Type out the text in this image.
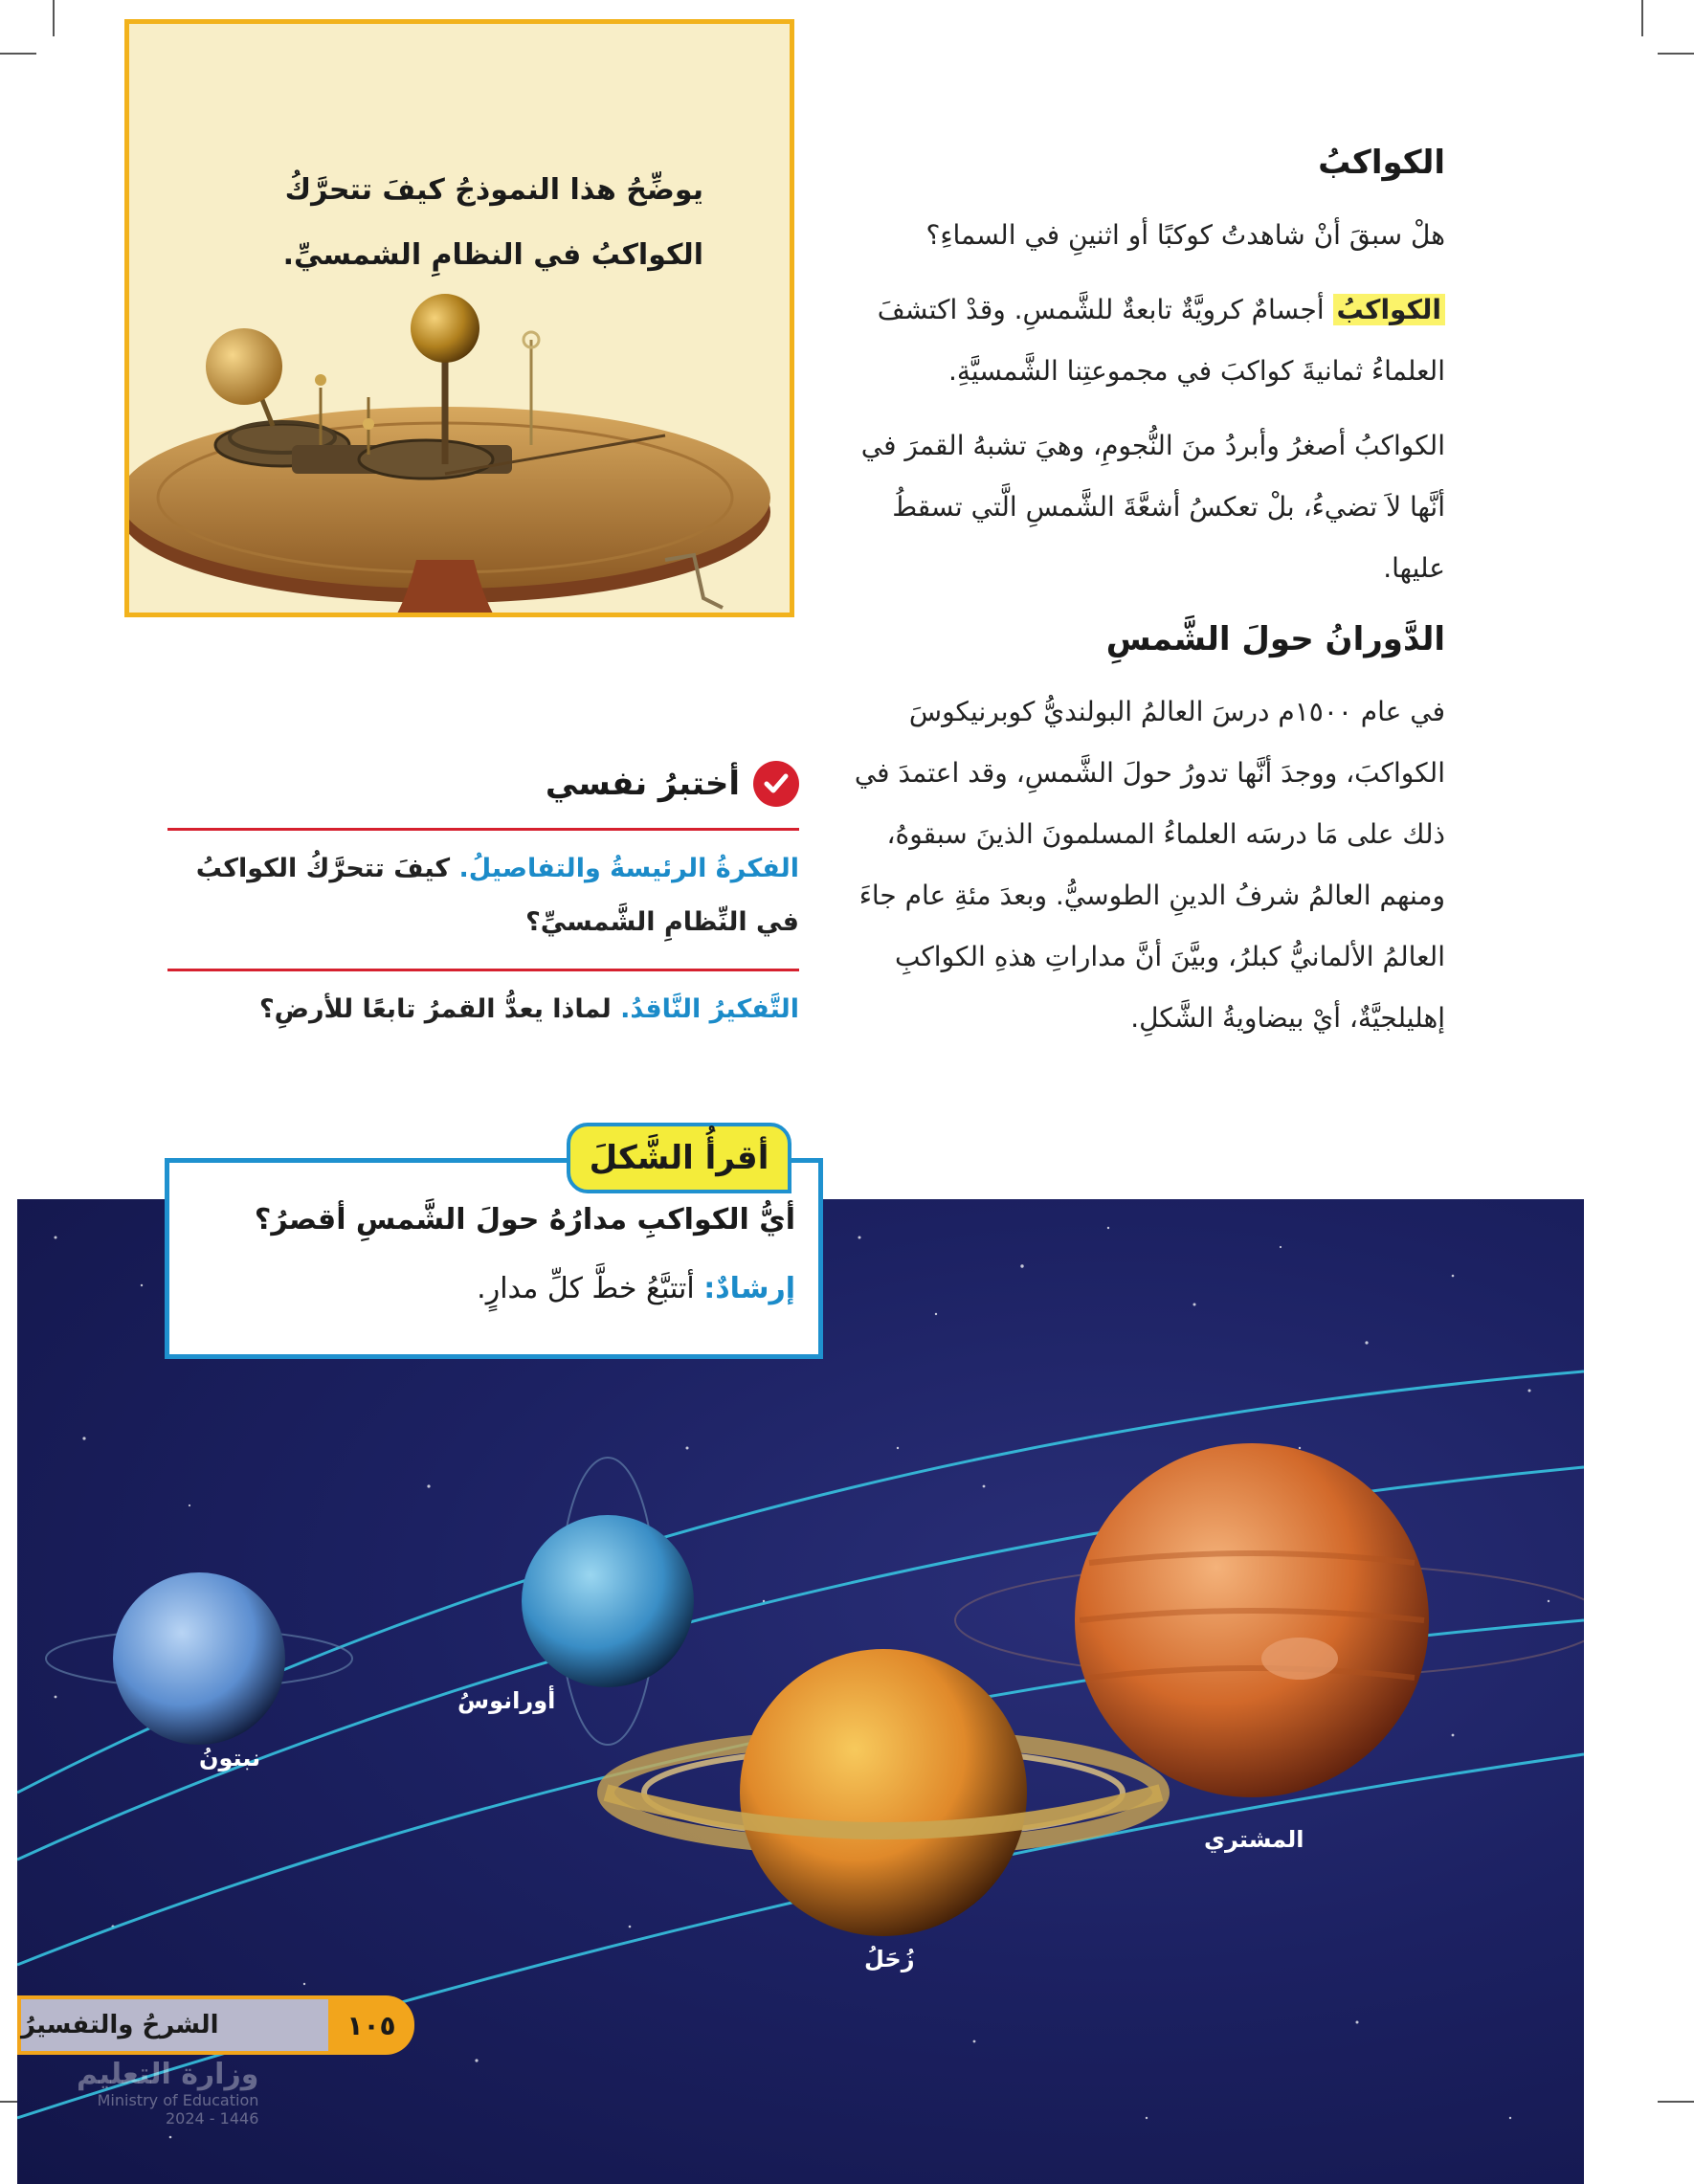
يوضِّحُ هذا النموذجُ كيفَ تتحرَّكُ
الكواكبُ في النظامِ الشمسيِّ.
الكواكبُ

هلْ سبقَ أنْ شاهدتُ كوكبًا أو اثنينِ في السماءِ؟

الكواكبُ أجسامٌ كرويَّةٌ تابعةٌ للشَّمسِ. وقدْ اكتشفَ العلماءُ ثمانيةَ كواكبَ في مجموعتِنا الشَّمسيَّةِ.

الكواكبُ أصغرُ وأبردُ منَ النُّجومِ، وهيَ تشبهُ القمرَ في أنَّها لاَ تضيءُ، بلْ تعكسُ أشعَّةَ الشَّمسِ الَّتي تسقطُ عليها.

الدَّورانُ حولَ الشَّمسِ

في عام ١٥٠٠م درسَ العالمُ البولنديُّ كوبرنيكوسَ الكواكبَ، ووجدَ أنَّها تدورُ حولَ الشَّمسِ، وقد اعتمدَ في ذلك على مَا درسَه العلماءُ المسلمونَ الذينَ سبقوهُ، ومنهم العالمُ شرفُ الدينِ الطوسيُّ. وبعدَ مئةِ عام جاءَ العالمُ الألمانيُّ كبلرُ، وبيَّنَ أنَّ مداراتِ هذهِ الكواكبِ إهليلجيَّةٌ، أيْ بيضاويةُ الشَّكلِ.

أختبرُ نفسي
الفكرةُ الرئيسةُ والتفاصيلُ. كيفَ تتحرَّكُ الكواكبُ في النِّظامِ الشَّمسيِّ؟
التَّفكيرُ النَّاقدُ. لماذا يعدُّ القمرُ تابعًا للأرضِ؟
نبتونُ
أورانوسُ
المشتري
زُحَلُ
أقرأُ الشَّكلَ
أيُّ الكواكبِ مدارُهُ حولَ الشَّمسِ أقصرُ؟
إرشادٌ: أتتبَّعُ خطَّ كلِّ مدارٍ.
الشرحُ والتفسيرُ	١٠٥
وزارة التعليم
Ministry of Education
2024 - 1446
